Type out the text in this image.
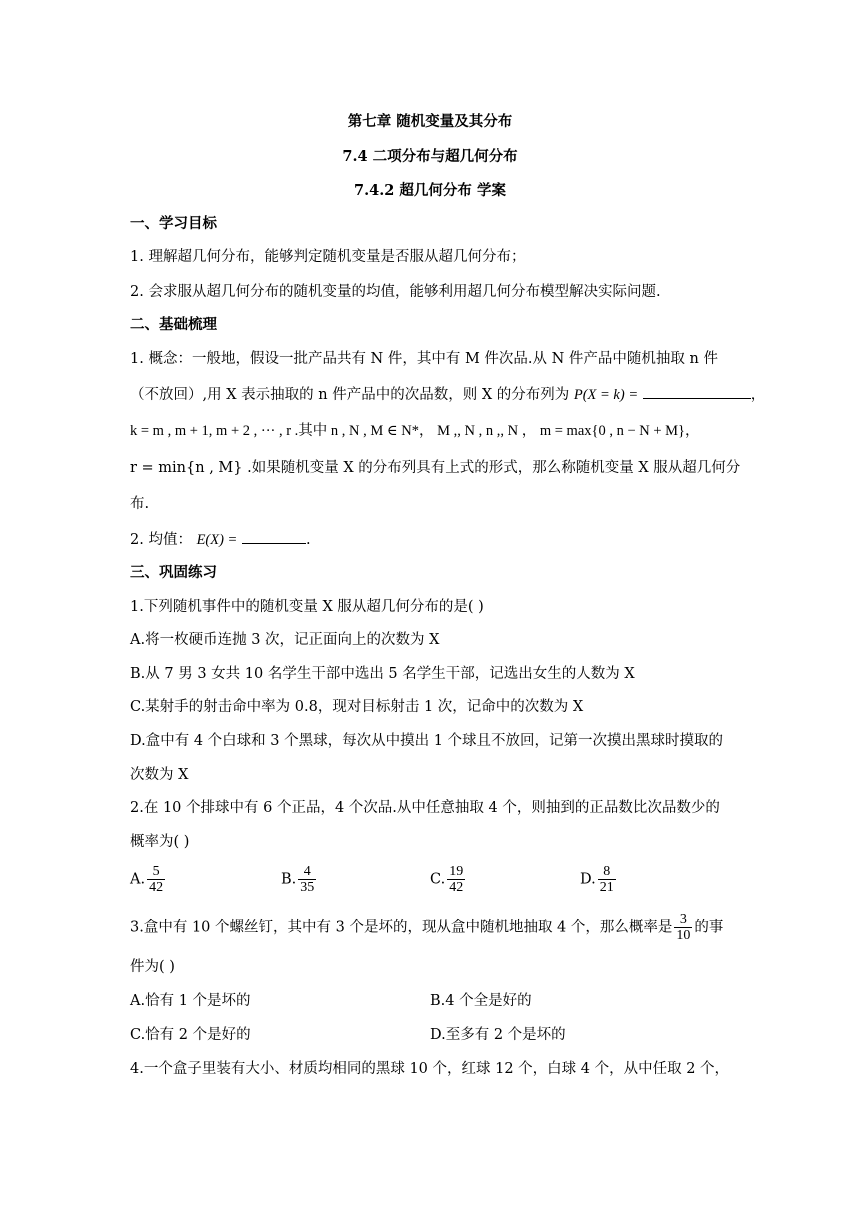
第七章 随机变量及其分布
7.4 二项分布与超几何分布
7.4.2 超几何分布 学案
一、学习目标
1. 理解超几何分布，能够判定随机变量是否服从超几何分布；
2. 会求服从超几何分布的随机变量的均值，能够利用超几何分布模型解决实际问题.
二、基础梳理
1. 概念：一般地，假设一批产品共有 N 件，其中有 M 件次品.从 N 件产品中随机抽取 n 件
（不放回）,用 X 表示抽取的 n 件产品中的次品数，则 X 的分布列为 P(X = k) =	，
k = m , m + 1, m + 2 , ··· , r .其中 n , N , M ∈ N*， M ,, N , n ,, N ， m = max{0 , n − N + M}，
r = min{n , M} .如果随机变量 X 的分布列具有上式的形式，那么称随机变量 X 服从超几何分
布.
2. 均值： E(X) =	.
三、巩固练习
1.下列随机事件中的随机变量 X 服从超几何分布的是( )
A.将一枚硬币连抛 3 次，记正面向上的次数为 X
B.从 7 男 3 女共 10 名学生干部中选出 5 名学生干部，记选出女生的人数为 X
C.某射手的射击命中率为 0.8，现对目标射击 1 次，记命中的次数为 X
D.盒中有 4 个白球和 3 个黑球，每次从中摸出 1 个球且不放回，记第一次摸出黑球时摸取的
次数为 X
2.在 10 个排球中有 6 个正品，4 个次品.从中任意抽取 4 个，则抽到的正品数比次品数少的
概率为( )
A. $\frac{5}{42}$	B. $\frac{4}{35}$	C. $\frac{19}{42}$	D. $\frac{8}{21}$
3.盒中有 10 个螺丝钉，其中有 3 个是坏的，现从盒中随机地抽取 4 个，那么概率是 $\frac{3}{10}$ 的事
件为( )
A.恰有 1 个是坏的	B.4 个全是好的
C.恰有 2 个是好的	D.至多有 2 个是坏的
4.一个盒子里装有大小、材质均相同的黑球 10 个，红球 12 个，白球 4 个，从中任取 2 个，
